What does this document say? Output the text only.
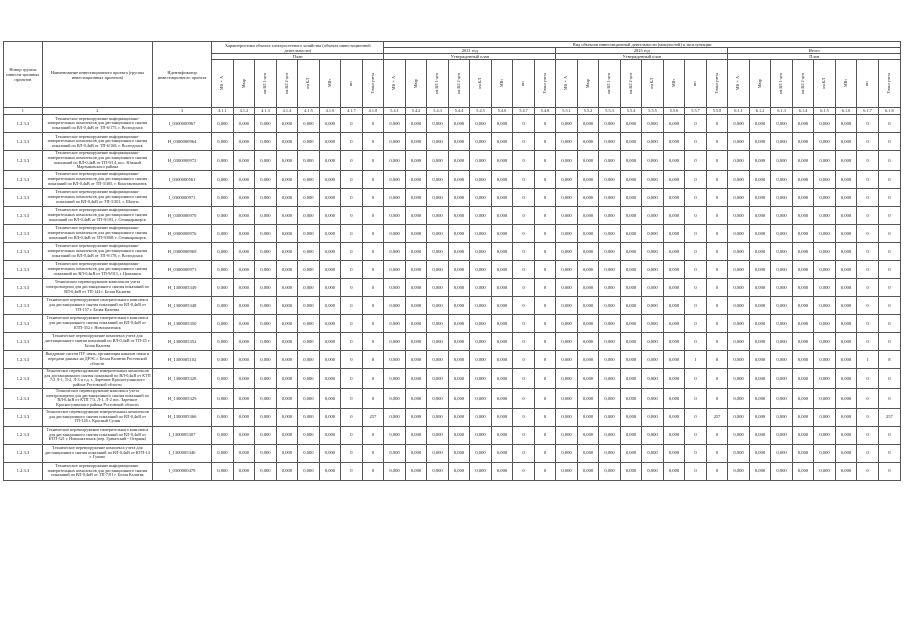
Номер группы инвести-ционных проектов	Наименование инвестиционного проекта (группы инвестиционных проектов)	Идентификатор инвестиционного проекта	Характеристика объекта электросетевого хозяйства (объекта инвестиционной деятельности)								Вид объектов инвестиционной деятельности (мощностей) к эксплуатации																							
											2021 год								2023 год								Итого							
			План								Утвержденный план								Утвержденный план								План							
			МВ×А	Мвар	км ВЛ 1-цеп	км ВЛ 2-цеп	км КЛ	МВт	шт	Точки учета	МВ×А	Мвар	км ВЛ 1-цеп	км ВЛ 2-цеп	км КЛ	МВт	шт	Точки учета	МВ×А	Мвар	км ВЛ 1-цеп	км ВЛ 2-цеп	км КЛ	МВт	шт	Точки учета	МВ×А	Мвар	км ВЛ 1-цеп	км ВЛ 2-цеп	км КЛ	МВт	шт	Точки учета
1	2	3	4.1.1	4.1.2	4.1.3	4.1.4	4.1.5	4.1.6	4.1.7	4.1.8	5.4.1	5.4.2	5.4.3	5.4.4	5.4.5	5.4.6	5.4.7	5.4.8	5.5.1	5.5.2	5.5.3	5.5.4	5.5.5	5.5.6	5.5.7	5.5.8	6.1.1	6.1.2	6.1.3	6.1.4	6.1.5	6.1.6	6.1.7	6.1.8
1.2.3.3	Техническое перевооружение информационно-измерительных комплексов для дистанционного снятия показаний по ВЛ-0,4кВ от ТП-6/175, г. Волгодонск	I_0300000967	0,000	0,000	0,000	0,000	0,000	0,000	0	0	0,000	0,000	0,000	0,000	0,000	0,000	0	0	0,000	0,000	0,000	0,000	0,000	0,000	0	0	0,000	0,000	0,000	0,000	0,000	0,000	0	0
1.2.3.3	Техническое перевооружение информационно-измерительных комплексов для дистанционного снятия показаний по ВЛ-0,4кВ от ТП-6/168, г. Волгодонск	H_0300000964	0,000	0,000	0,000	0,000	0,000	0,000	0	0	0,000	0,000	0,000	0,000	0,000	0,000	0	0	0,000	0,000	0,000	0,000	0,000	0,000	0	0	0,000	0,000	0,000	0,000	0,000	0,000	0	0
1.2.3.3	Техническое перевооружение информационно-измерительных комплексов для дистанционного снятия показаний по ВЛ-0,4кВ от ТП-9/14, пос. Южный Мартыновского района	H_0300000972	0,000	0,000	0,000	0,000	0,000	0,000	0	0	0,000	0,000	0,000	0,000	0,000	0,000	0	0	0,000	0,000	0,000	0,000	0,000	0,000	0	0	0,000	0,000	0,000	0,000	0,000	0,000	0	0
1.2.3.3	Техническое перевооружение информационно-измерительных комплексов для дистанционного снятия показаний по ВЛ-0,4кВ от ТП-3/305, г. Константиновск	I_0300000561	0,000	0,000	0,000	0,000	0,000	0,000	0	0	0,000	0,000	0,000	0,000	0,000	0,000	0	0	0,000	0,000	0,000	0,000	0,000	0,000	0	0	0,000	0,000	0,000	0,000	0,000	0,000	0	0
1.2.3.3	Техническое перевооружение информационно-измерительных комплексов для дистанционного снятия показаний по ВЛ-0,4кВ от ТП-3/301, г. Шахты	I_0300000971	0,000	0,000	0,000	0,000	0,000	0,000	0	0	0,000	0,000	0,000	0,000	0,000	0,000	0	0	0,000	0,000	0,000	0,000	0,000	0,000	0	0	0,000	0,000	0,000	0,000	0,000	0,000	0	0
1.2.3.3	Техническое перевооружение информационно-измерительных комплексов для дистанционного снятия показаний по ВЛ-0,4кВ от ТП-9/103, г. Семикаракорск	H_0300000970	0,000	0,000	0,000	0,000	0,000	0,000	0	0	0,000	0,000	0,000	0,000	0,000	0,000	0	0	0,000	0,000	0,000	0,000	0,000	0,000	0	0	0,000	0,000	0,000	0,000	0,000	0,000	0	0
1.2.3.3	Техническое перевооружение информационно-измерительных комплексов для дистанционного снятия показаний по ВЛ-0,4кВ от ТП-9/068, г. Семикаракорск	H_0300000976	0,000	0,000	0,000	0,000	0,000	0,000	0	0	0,000	0,000	0,000	0,000	0,000	0,000	0	0	0,000	0,000	0,000	0,000	0,000	0,000	0	0	0,000	0,000	0,000	0,000	0,000	0,000	0	0
1.2.3.3	Техническое перевооружение информационно-измерительных комплексов для дистанционного снятия показаний по ВЛ-0,4кВ от ТП-9/178, г. Волгодонск	H_0300000969	0,000	0,000	0,000	0,000	0,000	0,000	0	0	0,000	0,000	0,000	0,000	0,000	0,000	0	0	0,000	0,000	0,000	0,000	0,000	0,000	0	0	0,000	0,000	0,000	0,000	0,000	0,000	0	0
1.2.3.3	Техническое перевооружение информационно-измерительных комплексов для дистанционного снятия показаний по ВЛ-0,4кВ от ТП-9/013, г. Цимлянск	H_0300000971	0,000	0,000	0,000	0,000	0,000	0,000	0	0	0,000	0,000	0,000	0,000	0,000	0,000	0	0	0,000	0,000	0,000	0,000	0,000	0,000	0	0	0,000	0,000	0,000	0,000	0,000	0,000	0	0
1.2.3.3	Техническое перевооружение комплексов учета электроэнергии для дистанционного снятия показаний по ВЛ-0,4кВ от ТП-144 г. Белая Калитва	H_1300005349	0,000	0,000	0,000	0,000	0,000	0,000	0	0	0,000	0,000	0,000	0,000	0,000	0,000	0	0	0,000	0,000	0,000	0,000	0,000	0,000	0	0	0,000	0,000	0,000	0,000	0,000	0,000	0	0
1.2.3.3	Техническое перевооружение измерительного комплекса для дистанционного снятия показаний по ВЛ-0,4кВ от ТП-157 г. Белая Калитва	H_1300005348	0,000	0,000	0,000	0,000	0,000	0,000	0	0	0,000	0,000	0,000	0,000	0,000	0,000	0	0	0,000	0,000	0,000	0,000	0,000	0,000	0	0	0,000	0,000	0,000	0,000	0,000	0,000	0	0
1.2.3.3	Техническое перевооружение измерительного комплекса для дистанционного снятия показаний по ВЛ-0,4кВ от КТП-352 г. Новошахтинск	H_1300005350	0,000	0,000	0,000	0,000	0,000	0,000	0	0	0,000	0,000	0,000	0,000	0,000	0,000	0	0	0,000	0,000	0,000	0,000	0,000	0,000	0	0	0,000	0,000	0,000	0,000	0,000	0,000	0	0
1.2.3.3	Техническое перевооружение комплекса учета для дистанционного снятия показаний по ВЛ-0,4кВ от ТП-45 г. Белая Калитва	H_1300005352	0,000	0,000	0,000	0,000	0,000	0,000	0	0	0,000	0,000	0,000	0,000	0,000	0,000	0	0	0,000	0,000	0,000	0,000	0,000	0,000	0	0	0,000	0,000	0,000	0,000	0,000	0,000	0	0
1.2.3.3	Внедрение систем ПУ, связь, организация каналов связи и передачи данных на ДРЭС г. Белая Калитва Ростовской области	H_1300005102	0,000	0,000	0,000	0,000	0,000	0,000	0	8	0,000	0,000	0,000	0,000	0,000	0,000	0	0	0,000	0,000	0,000	0,000	0,000	0,000	1	8	0,000	0,000	0,000	0,000	0,000	0,000	1	8
1.2.3.3	Техническое перевооружение измерительных комплексов для дистанционного снятия показаний по ВЛ-0,4кВ от КТП 7/2 Л-1, Л-2, Л-3 и т.д. с. Заречное Красносулинского района Ростовской области	H_1300005328	0,000	0,000	0,000	0,000	0,000	0,000	0	0	0,000	0,000	0,000	0,000	0,000	0,000	0	0	0,000	0,000	0,000	0,000	0,000	0,000	0	0	0,000	0,000	0,000	0,000	0,000	0,000	0	0
1.2.3.3	Техническое перевооружение комплекса учета электроэнергии для дистанционного снятия показаний по ВЛ-0,4кВ от КТП 7/3, Л-1, Л-2 пос. Заречное Красносулинского района Ростовской области	H_1300005329	0,000	0,000	0,000	0,000	0,000	0,000	0	0	0,000	0,000	0,000	0,000	0,000	0,000	0	0	0,000	0,000	0,000	0,000	0,000	0,000	0	0	0,000	0,000	0,000	0,000	0,000	0,000	0	0
1.2.3.3	Техническое перевооружение измерительных комплексов для дистанционного снятия показаний по ВЛ-0,4кВ от ТП-126 г. Красный Сулин	H_1300005366	0,000	0,000	0,000	0,000	0,000	0,000	0	257	0,000	0,000	0,000	0,000	0,000	0,000	0	0	0,000	0,000	0,000	0,000	0,000	0,000	0	257	0,000	0,000	0,000	0,000	0,000	0,000	0	257
1.2.3.3	Техническое перевооружение измерительного комплекса для дистанционного снятия показаний по ВЛ-0,4кВ от КТП-321 г. Новошахтинск (пер. Грачатский - Огарная)	I_1300005307	0,000	0,000	0,000	0,000	0,000	0,000	0	0	0,000	0,000	0,000	0,000	0,000	0,000	0	0	0,000	0,000	0,000	0,000	0,000	0,000	0	0	0,000	0,000	0,000	0,000	0,000	0,000	0	0
1.2.3.3	Техническое перевооружение комплекса учета для дистанционного снятия показаний по ВЛ-0,4кВ от КТП-14 г. Гуково	I_1300005346	0,000	0,000	0,000	0,000	0,000	0,000	0	0	0,000	0,000	0,000	0,000	0,000	0,000	0	0	0,000	0,000	0,000	0,000	0,000	0,000	0	0	0,000	0,000	0,000	0,000	0,000	0,000	0	0
1.2.3.3	Техническое перевооружение информационно-измерительных комплексов для дистанционного снятия показаний по ВЛ-0,4кВ от ТП-7/01 г. Белая Калитва	I_0300000479	0,000	0,000	0,000	0,000	0,000	0,000	0	0	0,000	0,000	0,000	0,000	0,000	0,000	0	0	0,000	0,000	0,000	0,000	0,000	0,000	0	0	0,000	0,000	0,000	0,000	0,000	0,000	0	0
